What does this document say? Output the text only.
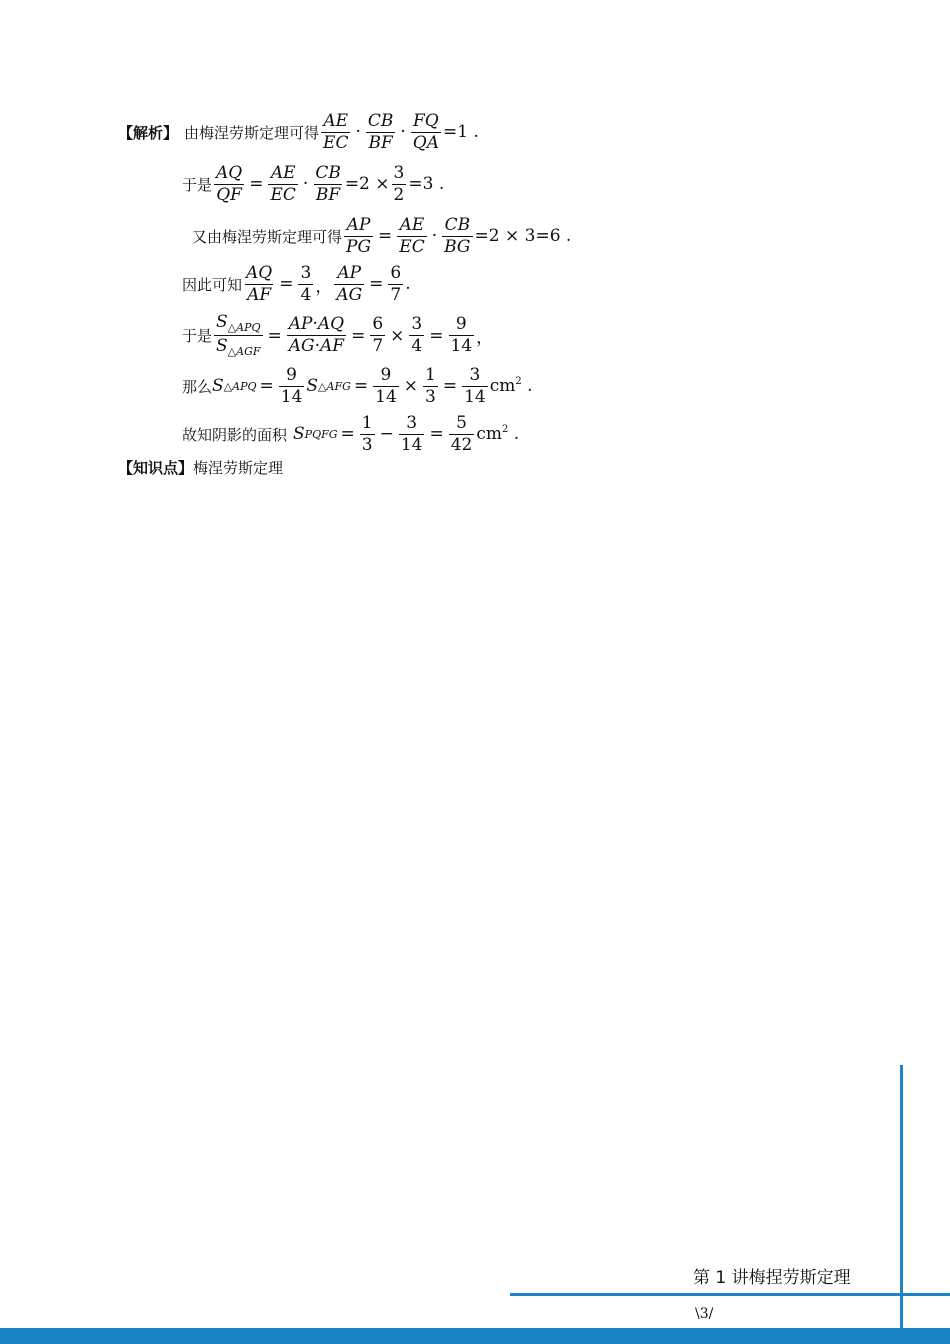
【解析】 由梅涅劳斯定理可得 $\frac{AE}{EC} \cdot \frac{CB}{BF} \cdot \frac{FQ}{QA} =1$ .
于是 $\frac{AQ}{QF} = \frac{AE}{EC} \cdot \frac{CB}{BF} =2 \times \frac{3}{2} =3$ .
又由梅涅劳斯定理可得 $\frac{AP}{PG} = \frac{AE}{EC} \cdot \frac{CB}{BG} =2 \times 3=6$ .
因此可知 $\frac{AQ}{AF} = \frac{3}{4}$ ， $\frac{AP}{AG} = \frac{6}{7}$ .
于是 $\frac{S_{\triangle APQ}}{S_{\triangle AGF}} = \frac{AP\cdot AQ}{AG\cdot AF} = \frac{6}{7} \times \frac{3}{4} = \frac{9}{14}$ ，
那么 S △APQ = $\frac{9}{14}$ S △AFG = $\frac{9}{14} \times \frac{1}{3} = \frac{3}{14} cm^2$ .
故知阴影的面积 S PQFG = $\frac{1}{3} - \frac{3}{14} = \frac{5}{42} cm^2$ .
【知识点】 梅涅劳斯定理
第 1 讲梅捏劳斯定理
\3/
